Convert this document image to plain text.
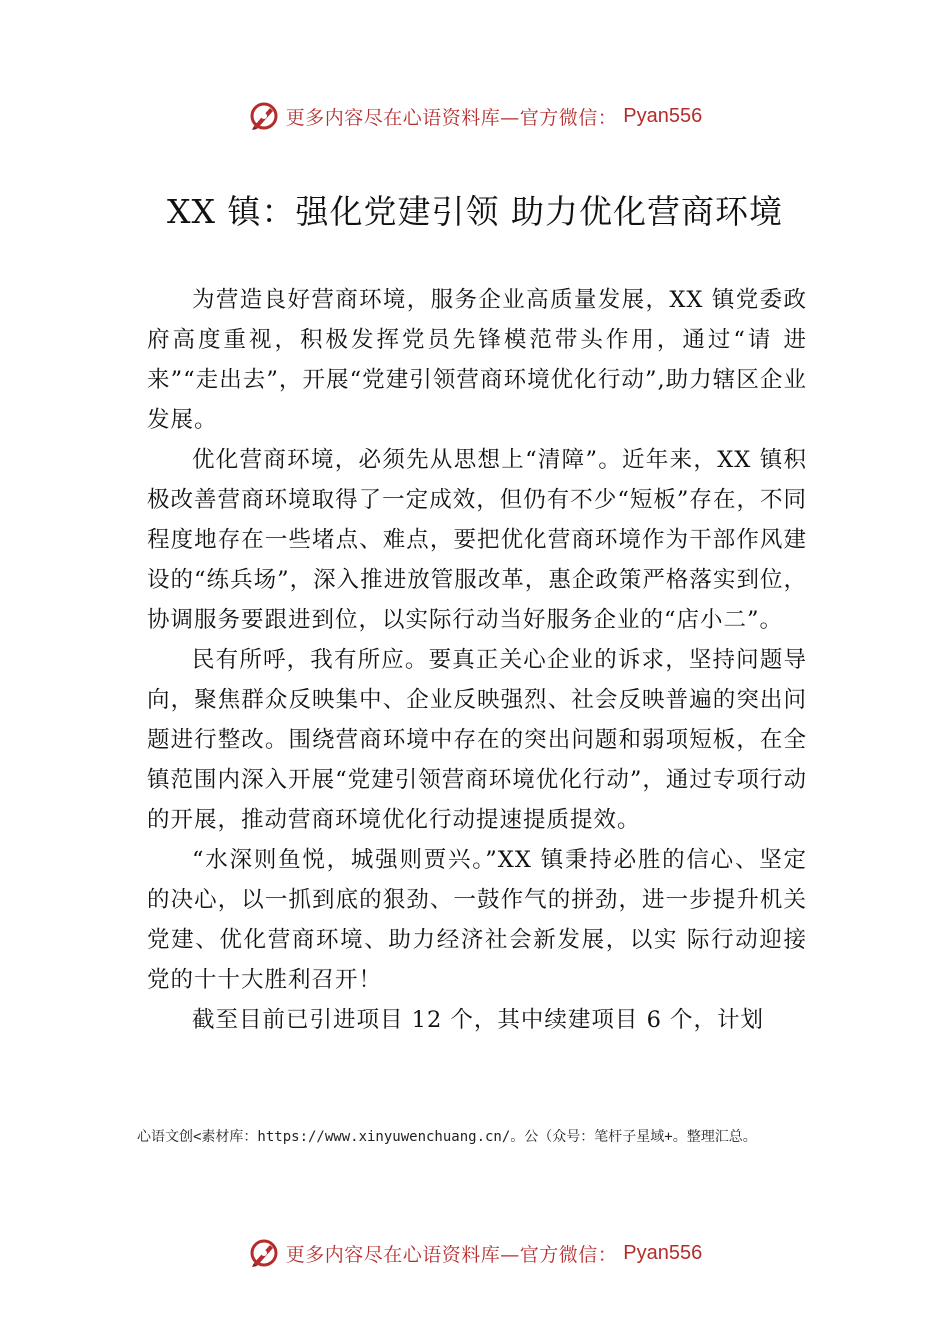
更多内容尽在心语资料库—官方微信： Pyan556
XX 镇：强化党建引领 助力优化营商环境

为营造良好营商环境，服务企业高质量发展，XX 镇党委政府高度重视，积极发挥党员先锋模范带头作用，通过“请 进来”“走出去”，开展“党建引领营商环境优化行动”,助力辖区企业发展。

优化营商环境，必须先从思想上“清障”。近年来，XX 镇积极改善营商环境取得了一定成效，但仍有不少“短板”存在，不同程度地存在一些堵点、难点，要把优化营商环境作为干部作风建设的“练兵场”，深入推进放管服改革，惠企政策严格落实到位，协调服务要跟进到位，以实际行动当好服务企业的“店小二”。

民有所呼，我有所应。要真正关心企业的诉求，坚持问题导向，聚焦群众反映集中、企业反映强烈、社会反映普遍的突出问题进行整改。围绕营商环境中存在的突出问题和弱项短板，在全镇范围内深入开展“党建引领营商环境优化行动”，通过专项行动的开展，推动营商环境优化行动提速提质提效。

“水深则鱼悦，城强则贾兴。”XX 镇秉持必胜的信心、坚定的决心，以一抓到底的狠劲、一鼓作气的拼劲，进一步提升机关党建、优化营商环境、助力经济社会新发展，以实 际行动迎接党的十十大胜利召开！

截至目前已引进项目 12 个，其中续建项目 6 个，计划

心语文创<素材库：https://www.xinyuwenchuang.cn/。公（众号：笔杆子星域+。整理汇总。
更多内容尽在心语资料库—官方微信： Pyan556
